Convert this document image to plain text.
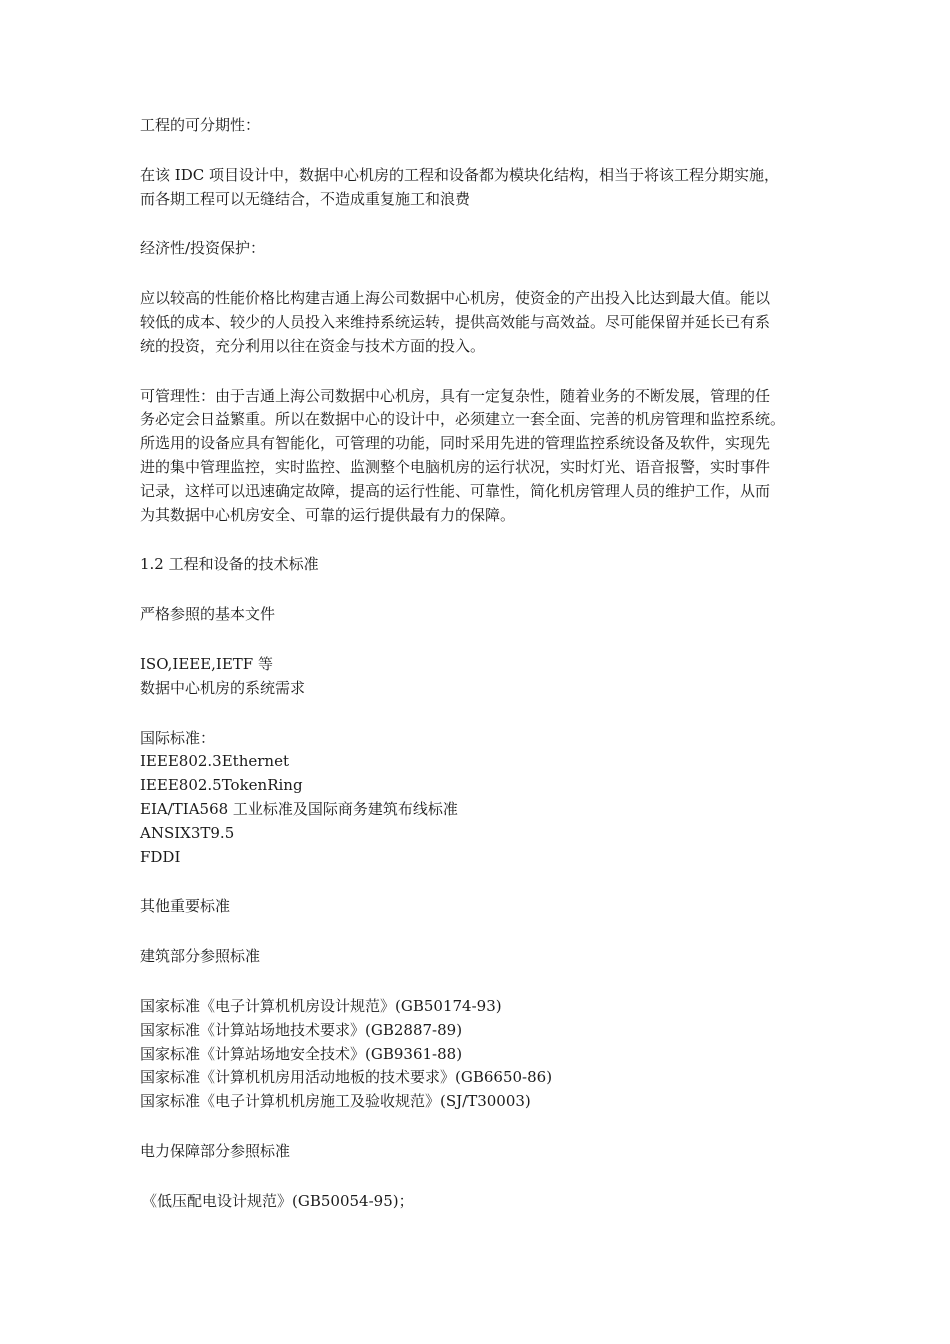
工程的可分期性：
在该 IDC 项目设计中，数据中心机房的工程和设备都为模块化结构，相当于将该工程分期实施，
而各期工程可以无缝结合，不造成重复施工和浪费
经济性/投资保护：
应以较高的性能价格比构建吉通上海公司数据中心机房，使资金的产出投入比达到最大值。能以
较低的成本、较少的人员投入来维持系统运转，提供高效能与高效益。尽可能保留并延长已有系
统的投资，充分利用以往在资金与技术方面的投入。
可管理性：由于吉通上海公司数据中心机房，具有一定复杂性，随着业务的不断发展，管理的任
务必定会日益繁重。所以在数据中心的设计中，必须建立一套全面、完善的机房管理和监控系统。
所选用的设备应具有智能化，可管理的功能，同时采用先进的管理监控系统设备及软件，实现先
进的集中管理监控，实时监控、监测整个电脑机房的运行状况，实时灯光、语音报警，实时事件
记录，这样可以迅速确定故障，提高的运行性能、可靠性，简化机房管理人员的维护工作，从而
为其数据中心机房安全、可靠的运行提供最有力的保障。
1.2 工程和设备的技术标准
严格参照的基本文件
ISO,IEEE,IETF 等
数据中心机房的系统需求
国际标准：
IEEE802.3Ethernet
IEEE802.5TokenRing
EIA/TIA568 工业标准及国际商务建筑布线标准
ANSIX3T9.5
FDDI
其他重要标准
建筑部分参照标准
国家标准《电子计算机机房设计规范》(GB50174-93)
国家标准《计算站场地技术要求》(GB2887-89)
国家标准《计算站场地安全技术》(GB9361-88)
国家标准《计算机机房用活动地板的技术要求》(GB6650-86)
国家标准《电子计算机机房施工及验收规范》(SJ/T30003)
电力保障部分参照标准
《低压配电设计规范》(GB50054-95)；
